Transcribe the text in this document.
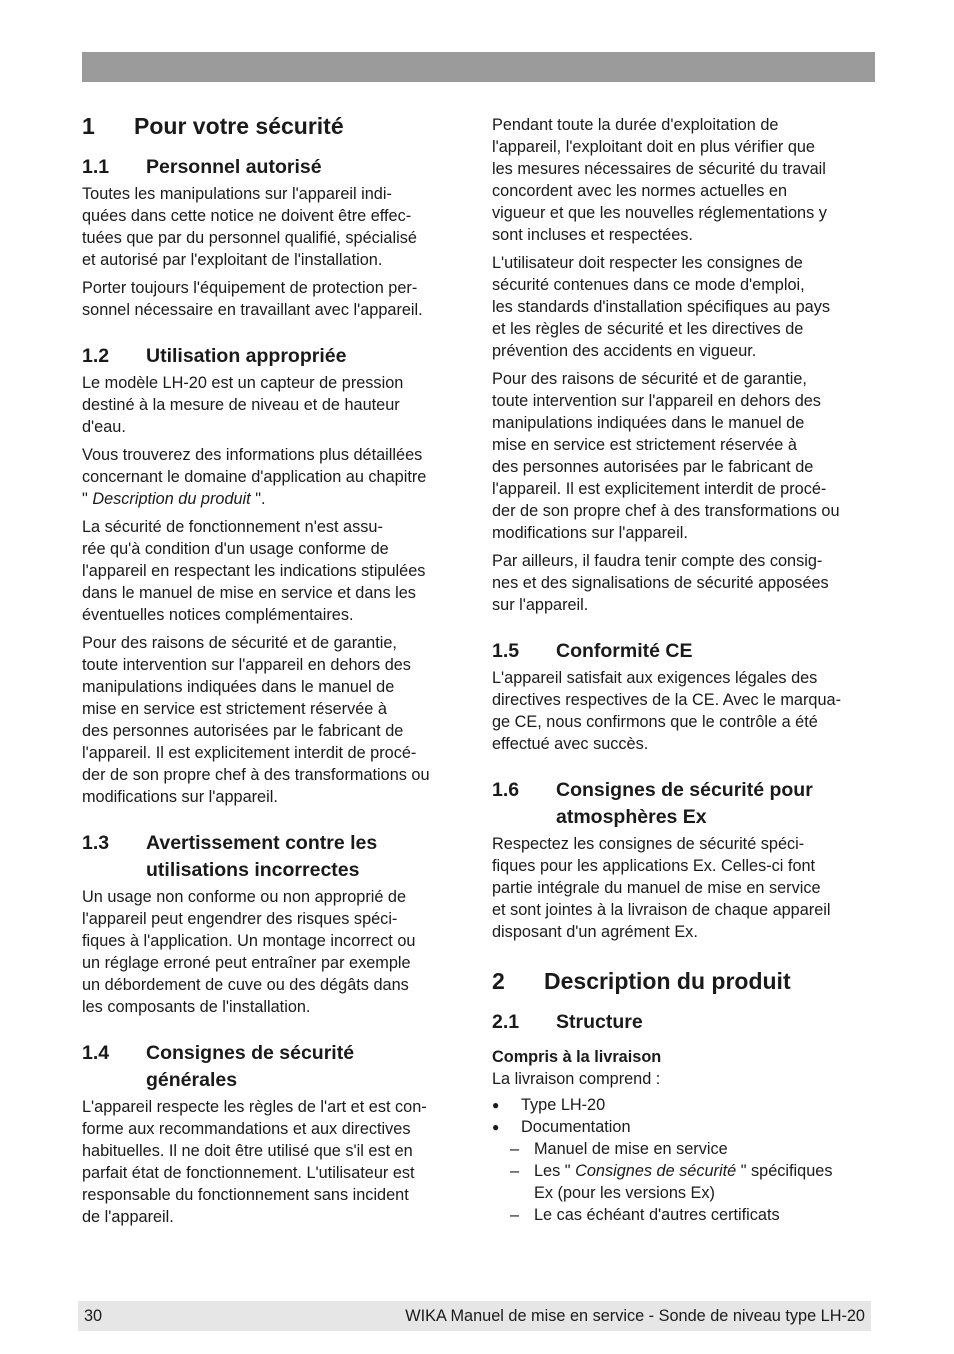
1	Pour votre sécurité
1.1	Personnel autorisé

Toutes les manipulations sur l'appareil indi-
quées dans cette notice ne doivent être effec-
tuées que par du personnel qualifié, spécialisé
et autorisé par l'exploitant de l'installation.

Porter toujours l'équipement de protection per-
sonnel nécessaire en travaillant avec l'appareil.

1.2	Utilisation appropriée

Le modèle LH-20 est un capteur de pression
destiné à la mesure de niveau et de hauteur
d'eau.

Vous trouverez des informations plus détaillées
concernant le domaine d'application au chapitre
" Description du produit ".

La sécurité de fonctionnement n'est assu-
rée qu'à condition d'un usage conforme de
l'appareil en respectant les indications stipulées
dans le manuel de mise en service et dans les
éventuelles notices complémentaires.

Pour des raisons de sécurité et de garantie,
toute intervention sur l'appareil en dehors des
manipulations indiquées dans le manuel de
mise en service est strictement réservée à
des personnes autorisées par le fabricant de
l'appareil. Il est explicitement interdit de procé-
der de son propre chef à des transformations ou
modifications sur l'appareil.

1.3	Avertissement contre les
utilisations incorrectes

Un usage non conforme ou non approprié de
l'appareil peut engendrer des risques spéci-
fiques à l'application. Un montage incorrect ou
un réglage erroné peut entraîner par exemple
un débordement de cuve ou des dégâts dans
les composants de l'installation.

1.4	Consignes de sécurité
générales

L'appareil respecte les règles de l'art et est con-
forme aux recommandations et aux directives
habituelles. Il ne doit être utilisé que s'il est en
parfait état de fonctionnement. L'utilisateur est
responsable du fonctionnement sans incident
de l'appareil.

Pendant toute la durée d'exploitation de
l'appareil, l'exploitant doit en plus vérifier que
les mesures nécessaires de sécurité du travail
concordent avec les normes actuelles en
vigueur et que les nouvelles réglementations y
sont incluses et respectées.

L'utilisateur doit respecter les consignes de
sécurité contenues dans ce mode d'emploi,
les standards d'installation spécifiques au pays
et les règles de sécurité et les directives de
prévention des accidents en vigueur.

Pour des raisons de sécurité et de garantie,
toute intervention sur l'appareil en dehors des
manipulations indiquées dans le manuel de
mise en service est strictement réservée à
des personnes autorisées par le fabricant de
l'appareil. Il est explicitement interdit de procé-
der de son propre chef à des transformations ou
modifications sur l'appareil.

Par ailleurs, il faudra tenir compte des consig-
nes et des signalisations de sécurité apposées
sur l'appareil.

1.5	Conformité CE

L'appareil satisfait aux exigences légales des
directives respectives de la CE. Avec le marqua-
ge CE, nous confirmons que le contrôle a été
effectué avec succès.

1.6	Consignes de sécurité pour
atmosphères Ex

Respectez les consignes de sécurité spéci-
fiques pour les applications Ex. Celles-ci font
partie intégrale du manuel de mise en service
et sont jointes à la livraison de chaque appareil
disposant d'un agrément Ex.

2	Description du produit
2.1	Structure
Compris à la livraison

La livraison comprend :

● Type LH-20
● Documentation
– Manuel de mise en service
– Les " Consignes de sécurité " spécifiques
Ex (pour les versions Ex)
– Le cas échéant d'autres certificats
30	WIKA Manuel de mise en service - Sonde de niveau type LH-20
